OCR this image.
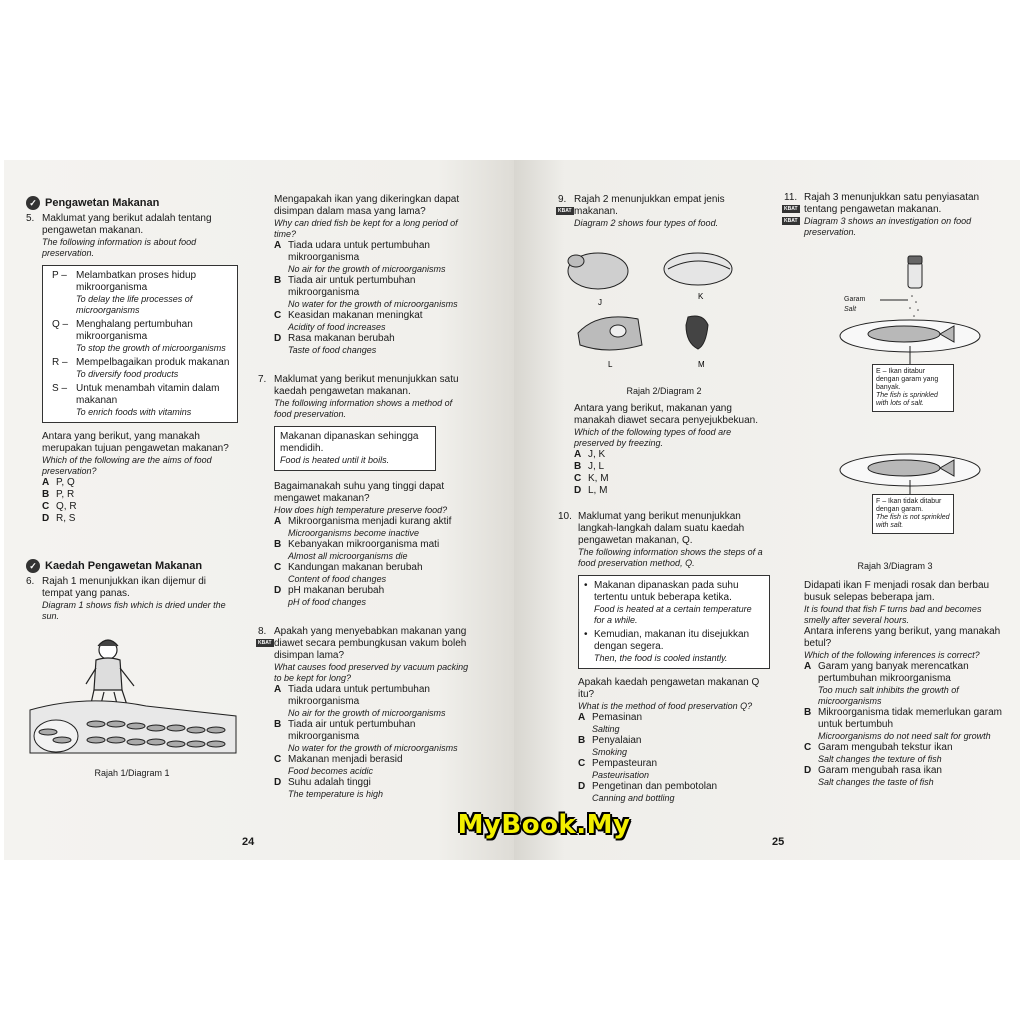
✓ Pengawetan Makanan
5. Maklumat yang berikut adalah tentang pengawetan makanan.
The following information is about food preservation.
P – Melambatkan proses hidup mikroorganisma
To delay the life processes of microorganisms
Q – Menghalang pertumbuhan mikroorganisma
To stop the growth of microorganisms
R – Mempelbagaikan produk makanan
To diversify food products
S – Untuk menambah vitamin dalam makanan
To enrich foods with vitamins
Antara yang berikut, yang manakah merupakan tujuan pengawetan makanan?
Which of the following are the aims of food preservation?
A P, Q
B P, R
C Q, R
D R, S
✓ Kaedah Pengawetan Makanan
6. Rajah 1 menunjukkan ikan dijemur di tempat yang panas.
Diagram 1 shows fish which is dried under the sun.
Rajah 1/Diagram 1
Mengapakah ikan yang dikeringkan dapat disimpan dalam masa yang lama?
Why can dried fish be kept for a long period of time?
A Tiada udara untuk pertumbuhan mikroorganisma
No air for the growth of microorganisms
B Tiada air untuk pertumbuhan mikroorganisma
No water for the growth of microorganisms
C Keasidan makanan meningkat
Acidity of food increases
D Rasa makanan berubah
Taste of food changes
7. Maklumat yang berikut menunjukkan satu kaedah pengawetan makanan.
The following information shows a method of food preservation.
Makanan dipanaskan sehingga mendidih.
Food is heated until it boils.
Bagaimanakah suhu yang tinggi dapat mengawet makanan?
How does high temperature preserve food?
A Mikroorganisma menjadi kurang aktif
Microorganisms become inactive
B Kebanyakan mikroorganisma mati
Almost all microorganisms die
C Kandungan makanan berubah
Content of food changes
D pH makanan berubah
pH of food changes
8.
KBAT
Apakah yang menyebabkan makanan yang diawet secara pembungkusan vakum boleh disimpan lama?
What causes food preserved by vacuum packing to be kept for long?
A Tiada udara untuk pertumbuhan mikroorganisma
No air for the growth of microorganisms
B Tiada air untuk pertumbuhan mikroorganisma
No water for the growth of microorganisms
C Makanan menjadi berasid
Food becomes acidic
D Suhu adalah tinggi
The temperature is high
24
9.
KBAT
Rajah 2 menunjukkan empat jenis makanan.
Diagram 2 shows four types of food.
J
K
L	M
Rajah 2/Diagram 2
Antara yang berikut, makanan yang manakah diawet secara penyejukbekuan.
Which of the following types of food are preserved by freezing.
A J, K
B J, L
C K, M
D L, M
10. Maklumat yang berikut menunjukkan langkah-langkah dalam suatu kaedah pengawetan makanan, Q.
The following information shows the steps of a food preservation method, Q.
• Makanan dipanaskan pada suhu tertentu untuk beberapa ketika.
Food is heated at a certain temperature for a while.
• Kemudian, makanan itu disejukkan dengan segera.
Then, the food is cooled instantly.
Apakah kaedah pengawetan makanan Q itu?
What is the method of food preservation Q?
A Pemasinan
Salting
B Penyalaian
Smoking
C Pempasteuran
Pasteurisation
D Pengetinan dan pembotolan
Canning and bottling
11.
KBAT
KBAT
Rajah 3 menunjukkan satu penyiasatan tentang pengawetan makanan.
Diagram 3 shows an investigation on food preservation.
Garam
Salt
E – Ikan ditabur dengan garam yang banyak.
The fish is sprinkled with lots of salt.
F – Ikan tidak ditabur dengan garam.
The fish is not sprinkled with salt.
Rajah 3/Diagram 3
Didapati ikan F menjadi rosak dan berbau busuk selepas beberapa jam.
It is found that fish F turns bad and becomes smelly after several hours.
Antara inferens yang berikut, yang manakah betul?
Which of the following inferences is correct?
A Garam yang banyak merencatkan pertumbuhan mikroorganisma
Too much salt inhibits the growth of microorganisms
B Mikroorganisma tidak memerlukan garam untuk bertumbuh
Microorganisms do not need salt for growth
C Garam mengubah tekstur ikan
Salt changes the texture of fish
D Garam mengubah rasa ikan
Salt changes the taste of fish
25
MyBook.My
